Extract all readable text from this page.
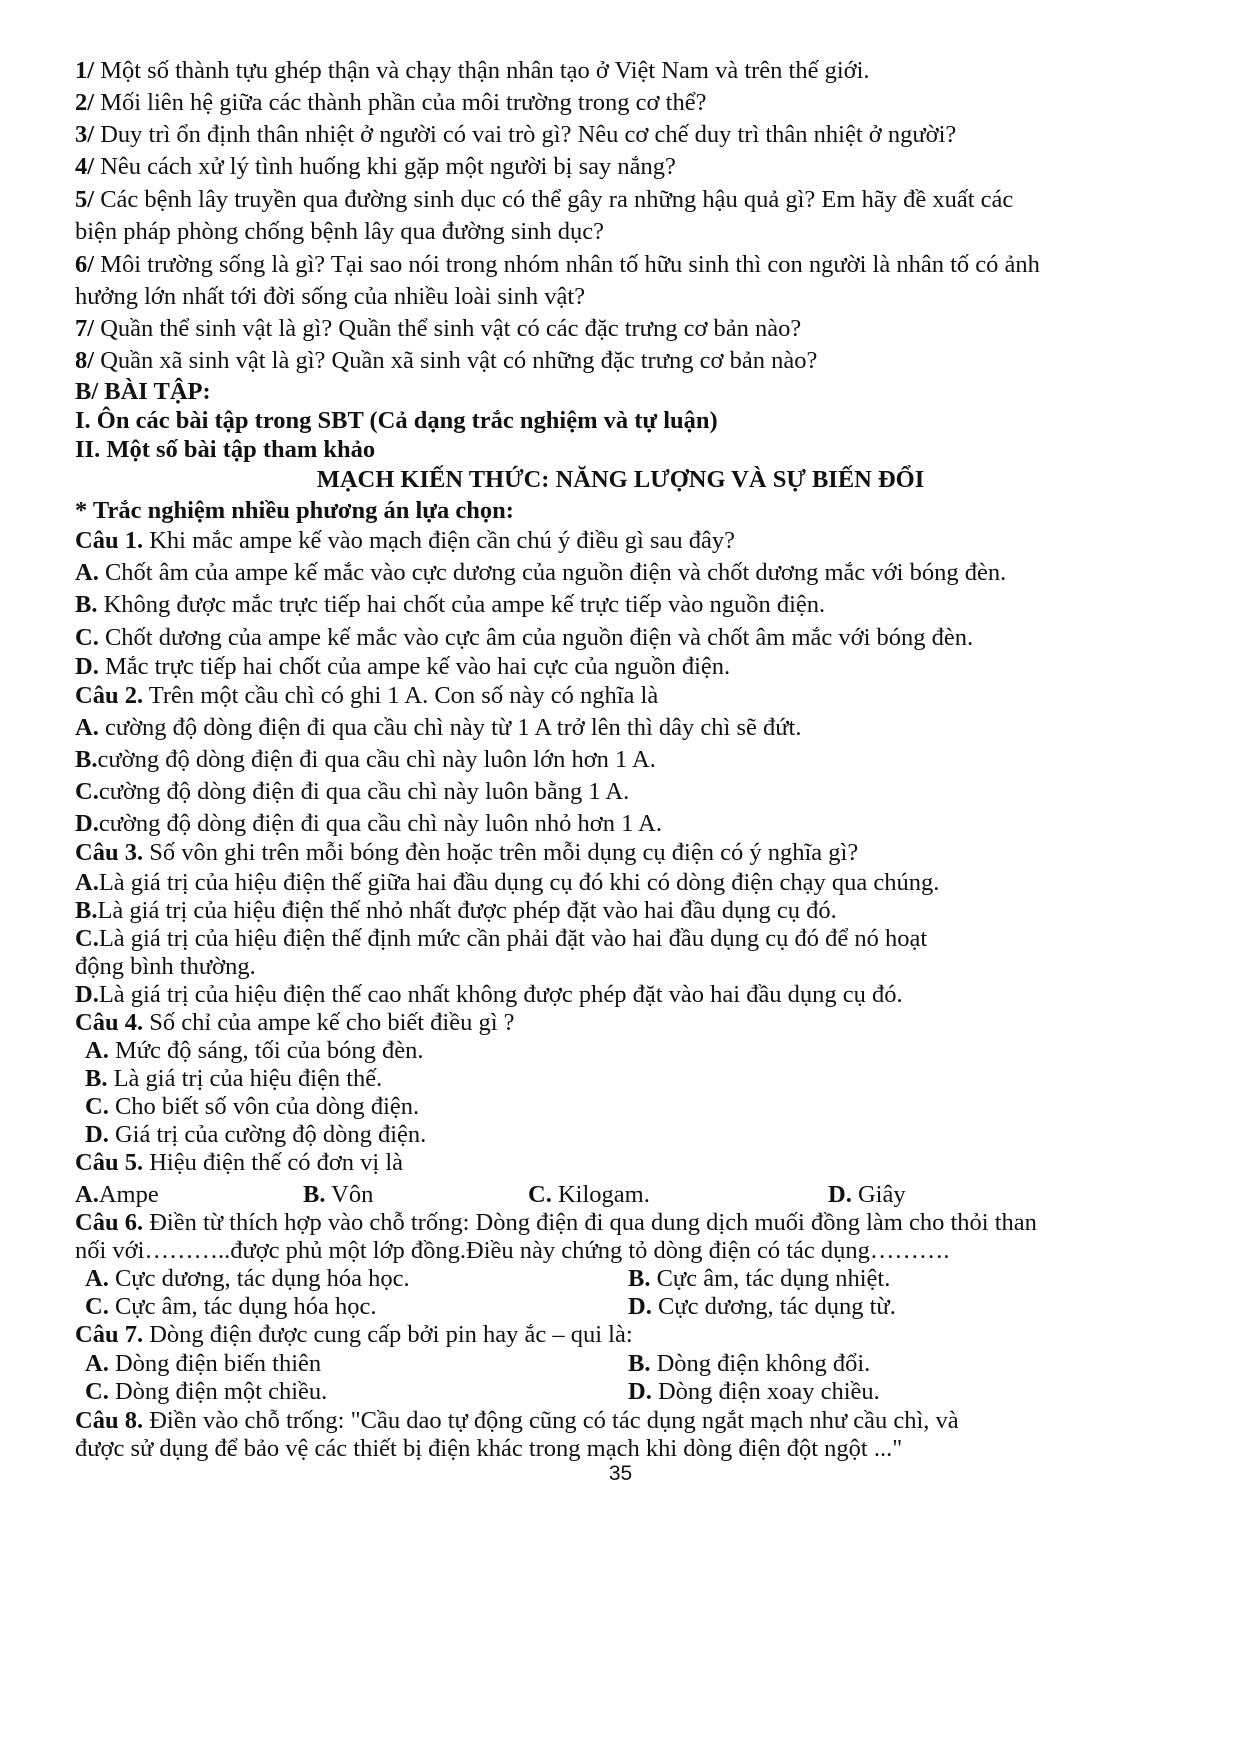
1/ Một số thành tựu ghép thận và chạy thận nhân tạo ở Việt Nam và trên thế giới.
2/ Mối liên hệ giữa các thành phần của môi trường trong cơ thể?
3/ Duy trì ổn định thân nhiệt ở người có vai trò gì? Nêu cơ chế duy trì thân nhiệt ở người?
4/ Nêu cách xử lý tình huống khi gặp một người bị say nắng?
5/ Các bệnh lây truyền qua đường sinh dục có thể gây ra những hậu quả gì? Em hãy đề xuất các
biện pháp phòng chống bệnh lây qua đường sinh dục?
6/ Môi trường sống là gì? Tại sao nói trong nhóm nhân tố hữu sinh thì con người là nhân tố có ảnh
hưởng lớn nhất tới đời sống của nhiều loài sinh vật?
7/ Quần thể sinh vật là gì? Quần thể sinh vật có các đặc trưng cơ bản nào?
8/ Quần xã sinh vật là gì? Quần xã sinh vật có những đặc trưng cơ bản nào?
B/ BÀI TẬP:
I. Ôn các bài tập trong SBT (Cả dạng trắc nghiệm và tự luận)
II. Một số bài tập tham khảo
MẠCH KIẾN THỨC: NĂNG LƯỢNG VÀ SỰ BIẾN ĐỔI
* Trắc nghiệm nhiều phương án lựa chọn:
Câu 1. Khi mắc ampe kế vào mạch điện cần chú ý điều gì sau đây?
A. Chốt âm của ampe kế mắc vào cực dương của nguồn điện và chốt dương mắc với bóng đèn.
B. Không được mắc trực tiếp hai chốt của ampe kế trực tiếp vào nguồn điện.
C. Chốt dương của ampe kế mắc vào cực âm của nguồn điện và chốt âm mắc với bóng đèn.
D. Mắc trực tiếp hai chốt của ampe kế vào hai cực của nguồn điện.
Câu 2. Trên một cầu chì có ghi 1 A. Con số này có nghĩa là
A. cường độ dòng điện đi qua cầu chì này từ 1 A trở lên thì dây chì sẽ đứt.
B.cường độ dòng điện đi qua cầu chì này luôn lớn hơn 1 A.
C.cường độ dòng điện đi qua cầu chì này luôn bằng 1 A.
D.cường độ dòng điện đi qua cầu chì này luôn nhỏ hơn 1 A.
Câu 3. Số vôn ghi trên mỗi bóng đèn hoặc trên mỗi dụng cụ điện có ý nghĩa gì?
A.Là giá trị của hiệu điện thế giữa hai đầu dụng cụ đó khi có dòng điện chạy qua chúng.
B.Là giá trị của hiệu điện thế nhỏ nhất được phép đặt vào hai đầu dụng cụ đó.
C.Là giá trị của hiệu điện thế định mức cần phải đặt vào hai đầu dụng cụ đó để nó hoạt
động bình thường.
D.Là giá trị của hiệu điện thế cao nhất không được phép đặt vào hai đầu dụng cụ đó.
Câu 4. Số chỉ của ampe kế cho biết điều gì ?
A. Mức độ sáng, tối của bóng đèn.
B. Là giá trị của hiệu điện thế.
C. Cho biết số vôn của dòng điện.
D. Giá trị của cường độ dòng điện.
Câu 5. Hiệu điện thế có đơn vị là
A.Ampe	B. Vôn	C. Kilogam.	D. Giây
Câu 6. Điền từ thích hợp vào chỗ trống: Dòng điện đi qua dung dịch muối đồng làm cho thỏi than
nối với………..được phủ một lớp đồng.Điều này chứng tỏ dòng điện có tác dụng……….
A. Cực dương, tác dụng hóa học.	B. Cực âm, tác dụng nhiệt.
C. Cực âm, tác dụng hóa học.	D. Cực dương, tác dụng từ.
Câu 7. Dòng điện được cung cấp bởi pin hay ắc – qui là:
A. Dòng điện biến thiên	B. Dòng điện không đổi.
C. Dòng điện một chiều.	D. Dòng điện xoay chiều.
Câu 8. Điền vào chỗ trống: "Cầu dao tự động cũng có tác dụng ngắt mạch như cầu chì, và
được sử dụng để bảo vệ các thiết bị điện khác trong mạch khi dòng điện đột ngột ..."
35
